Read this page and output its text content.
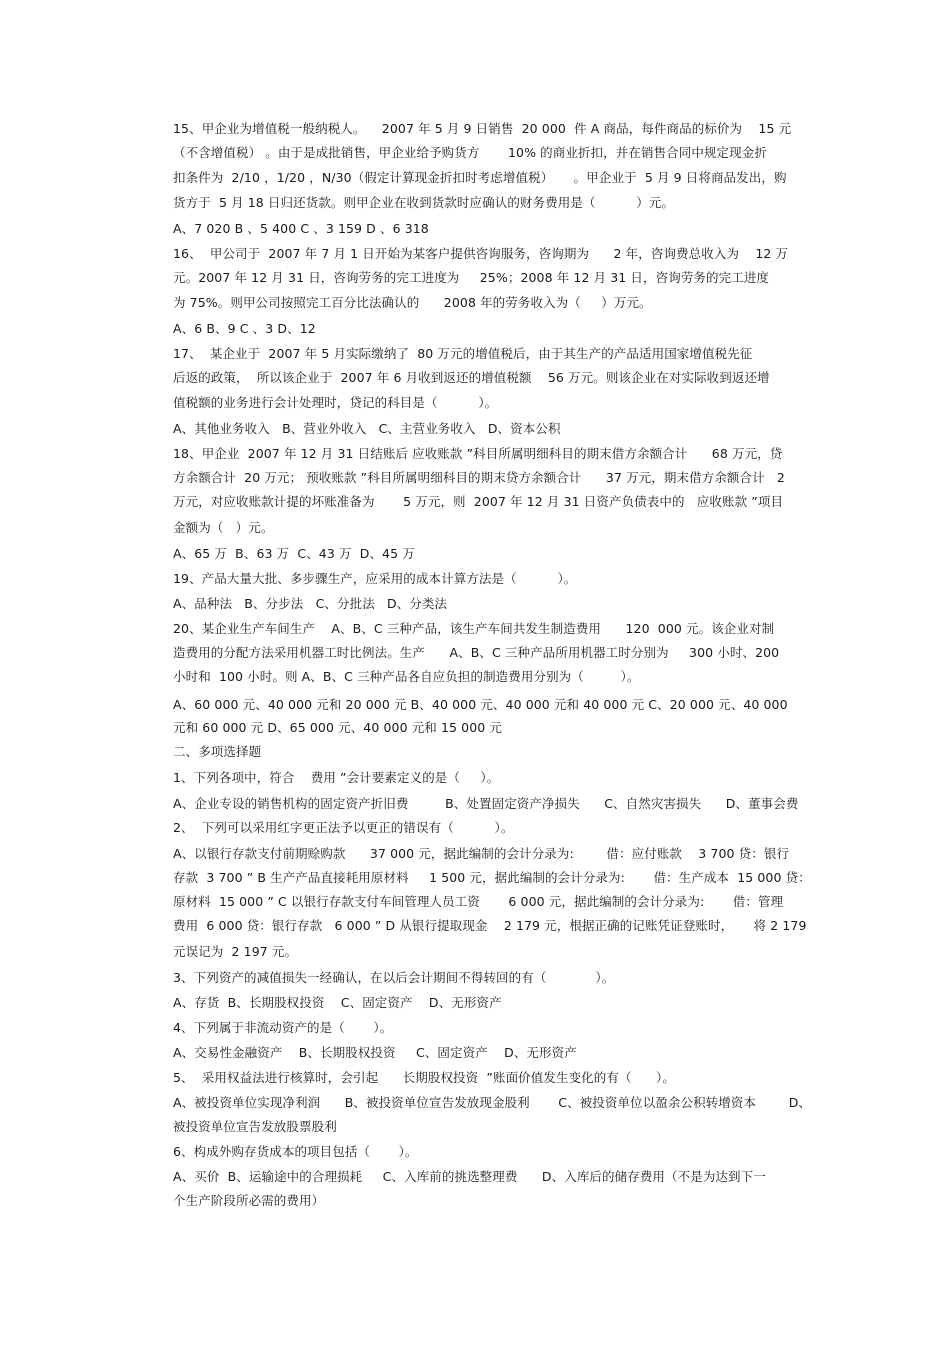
15、甲企业为增值税一般纳税人。    2007 年 5 月 9 日销售  20 000  件 A 商品，每件商品的标价为    15 元
（不含增值税） 。由于是成批销售，甲企业给予购货方       10% 的商业折扣，并在销售合同中规定现金折
扣条件为  2/10 ，1/20 ，N/30（假定计算现金折扣时考虑增值税）     。甲企业于  5 月 9 日将商品发出，购
货方于  5 月 18 日归还货款。则甲企业在收到货款时应确认的财务费用是（          ）元。
A、7 020 B 、5 400 C 、3 159 D 、6 318
16、  甲公司于  2007 年 7 月 1 日开始为某客户提供咨询服务，咨询期为      2 年，咨询费总收入为    12 万
元。2007 年 12 月 31 日，咨询劳务的完工进度为     25%；2008 年 12 月 31 日，咨询劳务的完工进度
为 75%。则甲公司按照完工百分比法确认的      2008 年的劳务收入为（     ）万元。
A、6 B、9 C 、3 D、12
17、  某企业于  2007 年 5 月实际缴纳了  80 万元的增值税后，由于其生产的产品适用国家增值税先征
后返的政策，  所以该企业于  2007 年 6 月收到返还的增值税额    56 万元。则该企业在对实际收到返还增
值税额的业务进行会计处理时，贷记的科目是（          ）。
A、其他业务收入   B、营业外收入   C、主营业务收入   D、资本公积
18、甲企业  2007 年 12 月 31 日结账后 应收账款 ”科目所属明细科目的期末借方余额合计      68 万元，贷
方余额合计  20 万元； 预收账款 ”科目所属明细科目的期末贷方余额合计      37 万元，期末借方余额合计   2
万元，对应收账款计提的坏账准备为       5 万元，则  2007 年 12 月 31 日资产负债表中的   应收账款 ”项目
金额为（   ）元。
A、65 万  B、63 万  C、43 万  D、45 万
19、产品大量大批、多步骤生产，应采用的成本计算方法是（          ）。
A、品种法   B、分步法   C、分批法   D、分类法
20、某企业生产车间生产    A、B、C 三种产品，该生产车间共发生制造费用      120  000 元。该企业对制
造费用的分配方法采用机器工时比例法。生产      A、B、C 三种产品所用机器工时分别为     300 小时、200
小时和  100 小时。则 A、B、C 三种产品各自应负担的制造费用分别为（         ）。
A、60 000 元、40 000 元和 20 000 元 B、40 000 元、40 000 元和 40 000 元 C、20 000 元、40 000
元和 60 000 元 D、65 000 元、40 000 元和 15 000 元
二、多项选择题
1、下列各项中，符合    费用 ”会计要素定义的是（     ）。
A、企业专设的销售机构的固定资产折旧费         B、处置固定资产净损失      C、自然灾害损失      D、董事会费
2、  下列可以采用红字更正法予以更正的错误有（          ）。
A、以银行存款支付前期赊购款      37 000 元，据此编制的会计分录为:        借：应付账款    3 700 贷：银行
存款  3 700 ” B 生产产品直接耗用原材料     1 500 元，据此编制的会计分录为:       借：生产成本  15 000 贷：
原材料  15 000 ” C 以银行存款支付车间管理人员工资       6 000 元，据此编制的会计分录为:       借：管理
费用  6 000 贷：银行存款   6 000 ” D 从银行提取现金    2 179 元，根据正确的记账凭证登账时，     将 2 179
元误记为  2 197 元。
3、下列资产的减值损失一经确认，在以后会计期间不得转回的有（            ）。
A、存货  B、长期股权投资    C、固定资产    D、无形资产
4、下列属于非流动资产的是（       ）。
A、交易性金融资产    B、长期股权投资     C、固定资产    D、无形资产
5、  采用权益法进行核算时，会引起      长期股权投资  ”账面价值发生变化的有（      ）。
A、被投资单位实现净利润      B、被投资单位宣告发放现金股利       C、被投资单位以盈余公积转增资本        D、
被投资单位宣告发放股票股利
6、构成外购存货成本的项目包括（       ）。
A、买价  B、运输途中的合理损耗     C、入库前的挑选整理费      D、入库后的储存费用（不是为达到下一
个生产阶段所必需的费用）
